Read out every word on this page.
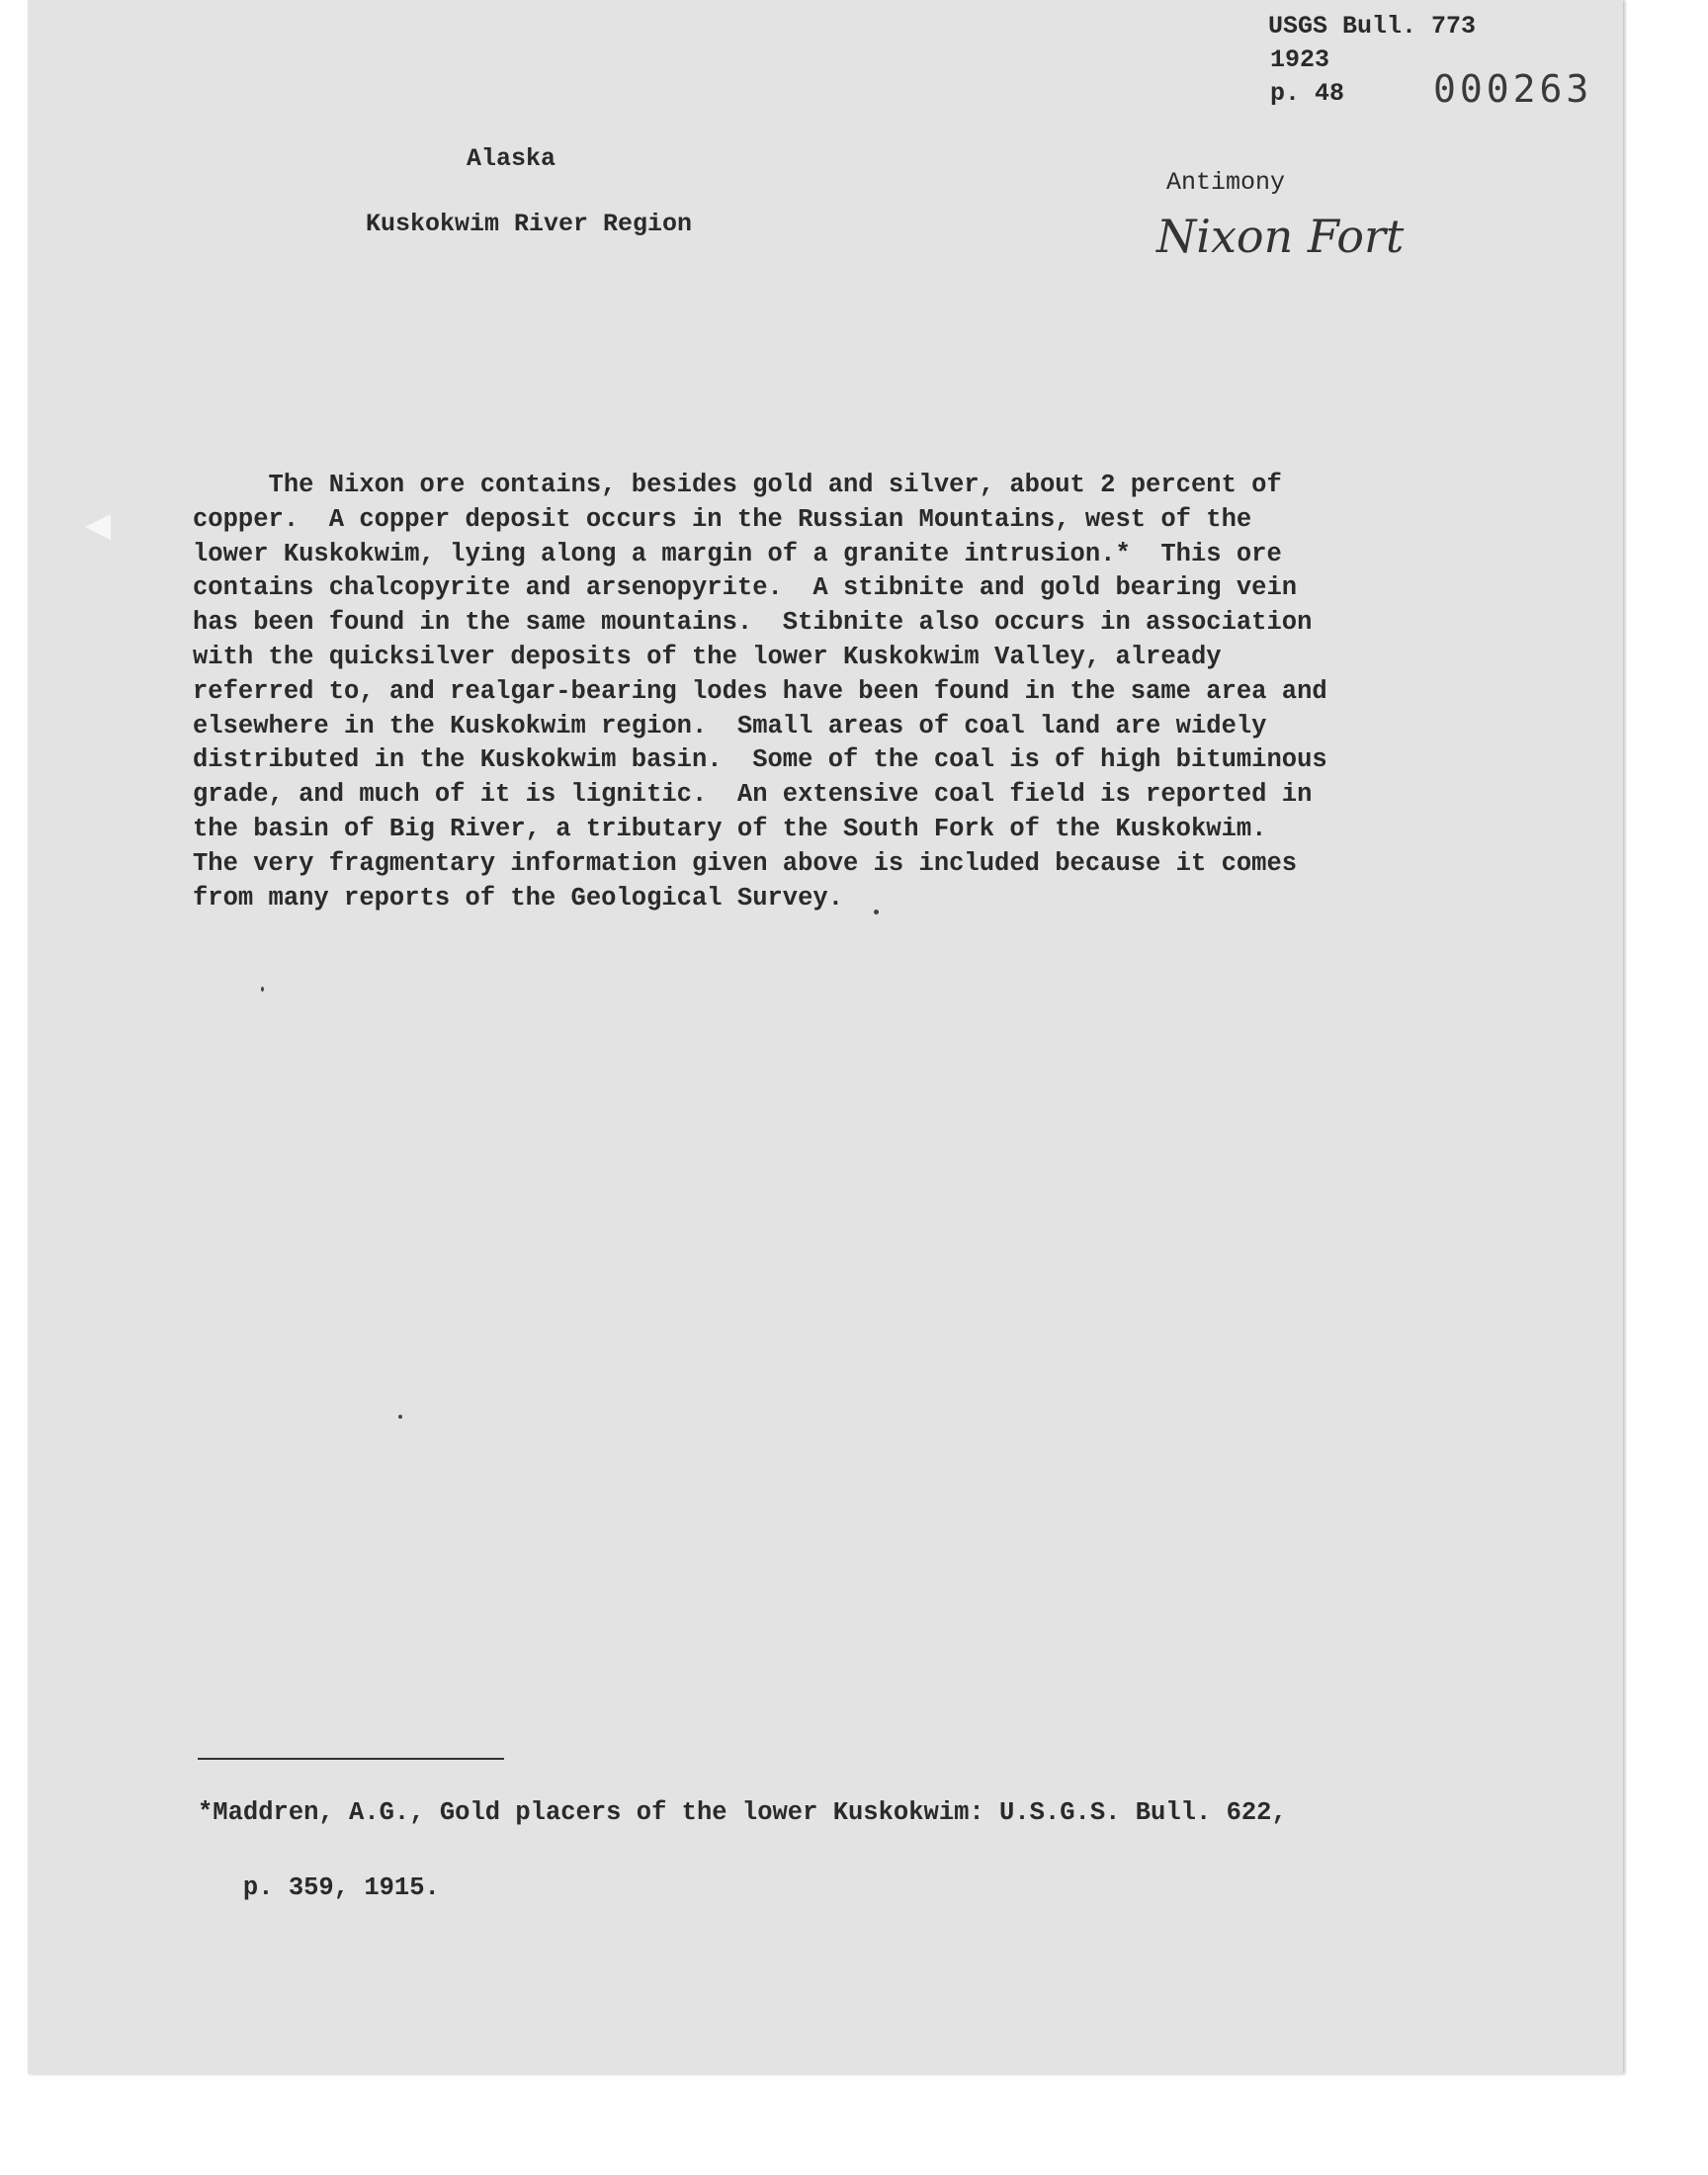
USGS Bull. 773
1923
p. 48 000263
Alaska
Kuskokwim River Region
Antimony
Nixon Fort
The Nixon ore contains, besides gold and silver, about 2 percent of
copper.  A copper deposit occurs in the Russian Mountains, west of the
lower Kuskokwim, lying along a margin of a granite intrusion.*  This ore
contains chalcopyrite and arsenopyrite.  A stibnite and gold bearing vein
has been found in the same mountains.  Stibnite also occurs in association
with the quicksilver deposits of the lower Kuskokwim Valley, already
referred to, and realgar-bearing lodes have been found in the same area and
elsewhere in the Kuskokwim region.  Small areas of coal land are widely
distributed in the Kuskokwim basin.  Some of the coal is of high bituminous
grade, and much of it is lignitic.  An extensive coal field is reported in
the basin of Big River, a tributary of the South Fork of the Kuskokwim.
The very fragmentary information given above is included because it comes
from many reports of the Geological Survey.

*Maddren, A.G., Gold placers of the lower Kuskokwim: U.S.G.S. Bull. 622,

p. 359, 1915.
